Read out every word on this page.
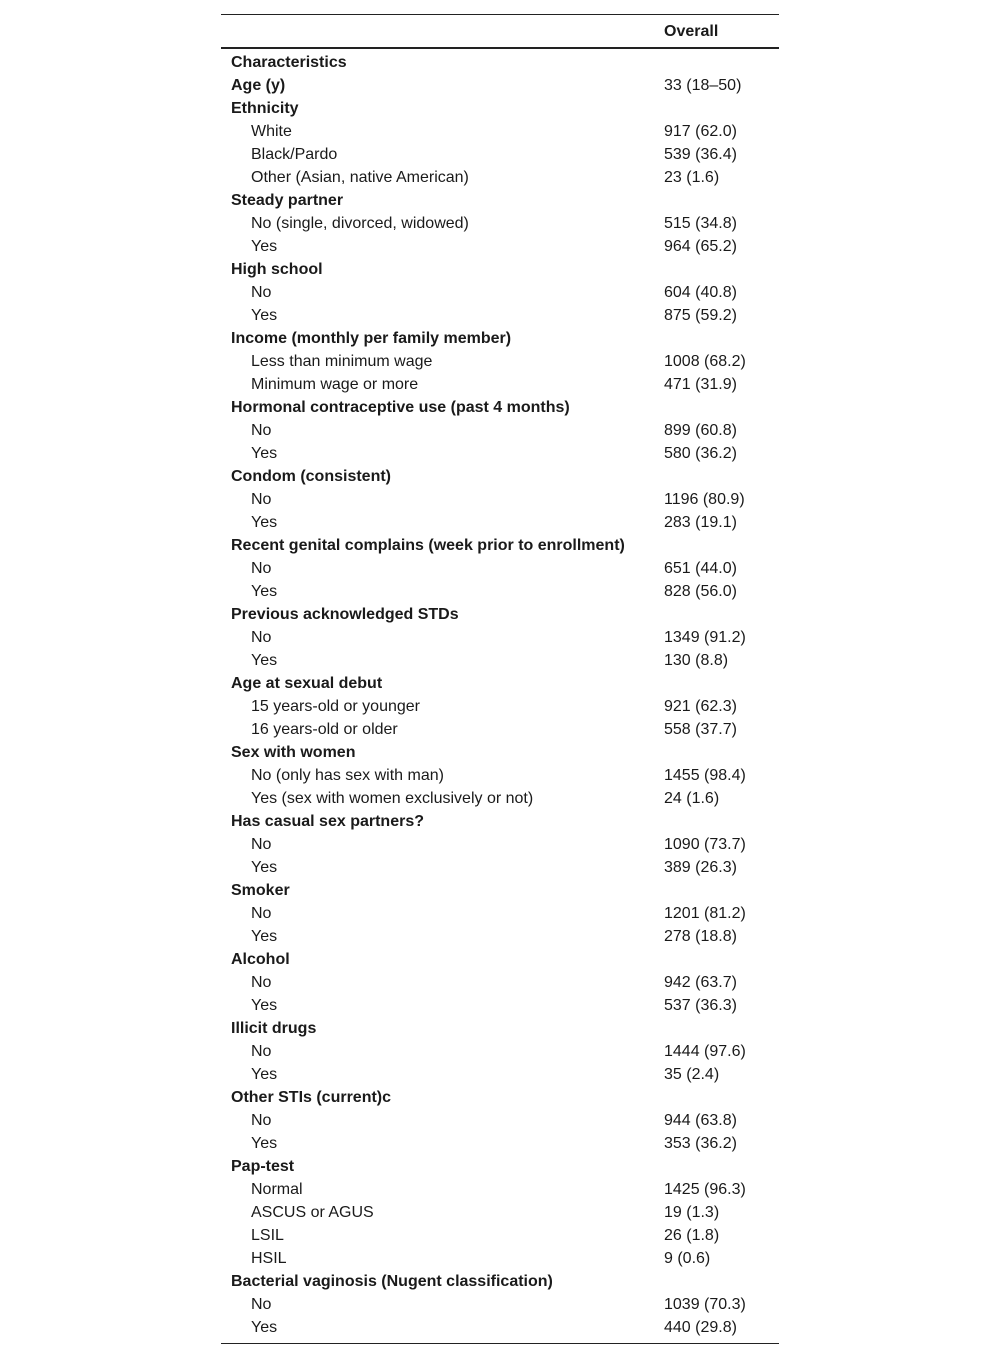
Overall
Characteristics
Age (y)	33 (18–50)
Ethnicity
White	917 (62.0)
Black/Pardo	539 (36.4)
Other (Asian, native American)	23 (1.6)
Steady partner
No (single, divorced, widowed)	515 (34.8)
Yes	964 (65.2)
High school
No	604 (40.8)
Yes	875 (59.2)
Income (monthly per family member)
Less than minimum wage	1008 (68.2)
Minimum wage or more	471 (31.9)
Hormonal contraceptive use (past 4 months)
No	899 (60.8)
Yes	580 (36.2)
Condom (consistent)
No	1196 (80.9)
Yes	283 (19.1)
Recent genital complains (week prior to enrollment)
No	651 (44.0)
Yes	828 (56.0)
Previous acknowledged STDs
No	1349 (91.2)
Yes	130 (8.8)
Age at sexual debut
15 years-old or younger	921 (62.3)
16 years-old or older	558 (37.7)
Sex with women
No (only has sex with man)	1455 (98.4)
Yes (sex with women exclusively or not)	24 (1.6)
Has casual sex partners?
No	1090 (73.7)
Yes	389 (26.3)
Smoker
No	1201 (81.2)
Yes	278 (18.8)
Alcohol
No	942 (63.7)
Yes	537 (36.3)
Illicit drugs
No	1444 (97.6)
Yes	35 (2.4)
Other STIs (current)c
No	944 (63.8)
Yes	353 (36.2)
Pap-test
Normal	1425 (96.3)
ASCUS or AGUS	19 (1.3)
LSIL	26 (1.8)
HSIL	9 (0.6)
Bacterial vaginosis (Nugent classification)
No	1039 (70.3)
Yes	440 (29.8)
